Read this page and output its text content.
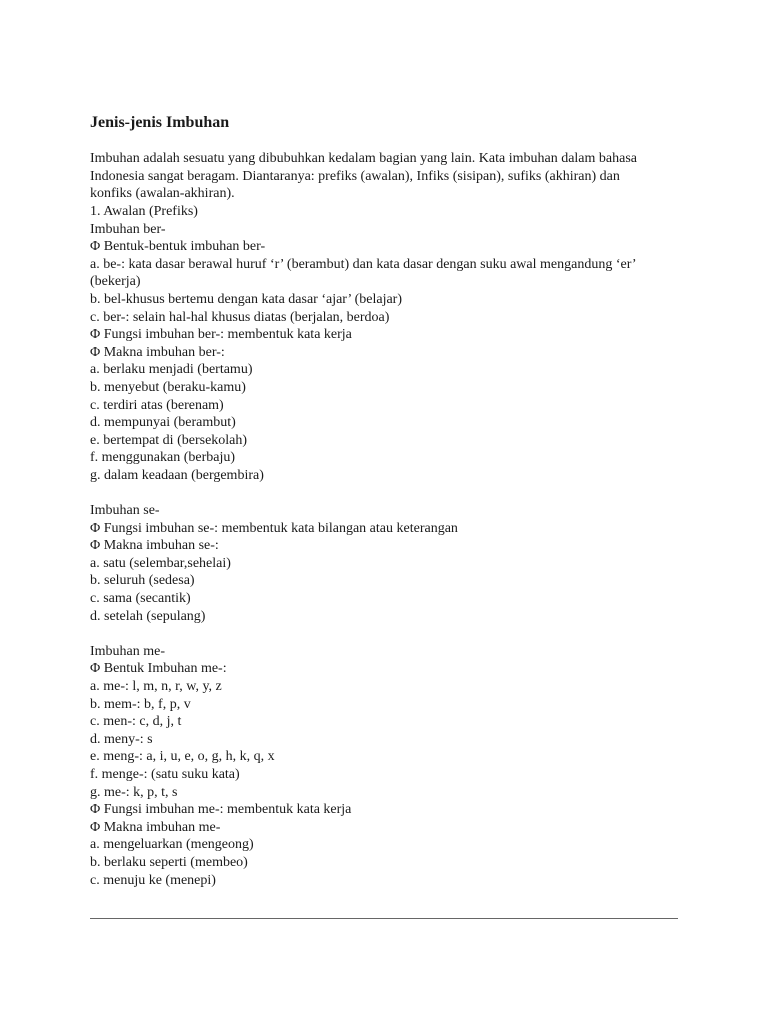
Jenis-jenis Imbuhan
Imbuhan adalah sesuatu yang dibubuhkan kedalam bagian yang lain. Kata imbuhan dalam bahasa Indonesia sangat beragam. Diantaranya: prefiks (awalan), Infiks (sisipan), sufiks (akhiran) dan konfiks (awalan-akhiran).
1. Awalan (Prefiks)
Imbuhan ber-
Φ Bentuk-bentuk imbuhan ber-
a. be-: kata dasar berawal huruf ‘r’ (berambut) dan kata dasar dengan suku awal mengandung ‘er’ (bekerja)
b. bel-khusus bertemu dengan kata dasar ‘ajar’ (belajar)
c. ber-: selain hal-hal khusus diatas (berjalan, berdoa)
Φ Fungsi imbuhan ber-: membentuk kata kerja
Φ Makna imbuhan ber-:
a. berlaku menjadi (bertamu)
b. menyebut (beraku-kamu)
c. terdiri atas (berenam)
d. mempunyai (berambut)
e. bertempat di (bersekolah)
f. menggunakan (berbaju)
g. dalam keadaan (bergembira)
Imbuhan se-
Φ Fungsi imbuhan se-: membentuk kata bilangan atau keterangan
Φ Makna imbuhan se-:
a. satu (selembar,sehelai)
b. seluruh (sedesa)
c. sama (secantik)
d. setelah (sepulang)
Imbuhan me-
Φ Bentuk Imbuhan me-:
a. me-: l, m, n, r, w, y, z
b. mem-: b, f, p, v
c. men-: c, d, j, t
d. meny-: s
e. meng-: a, i, u, e, o, g, h, k, q, x
f. menge-: (satu suku kata)
g. me-: k, p, t, s
Φ Fungsi imbuhan me-: membentuk kata kerja
Φ Makna imbuhan me-
a. mengeluarkan (mengeong)
b. berlaku seperti (membeo)
c. menuju ke (menepi)
